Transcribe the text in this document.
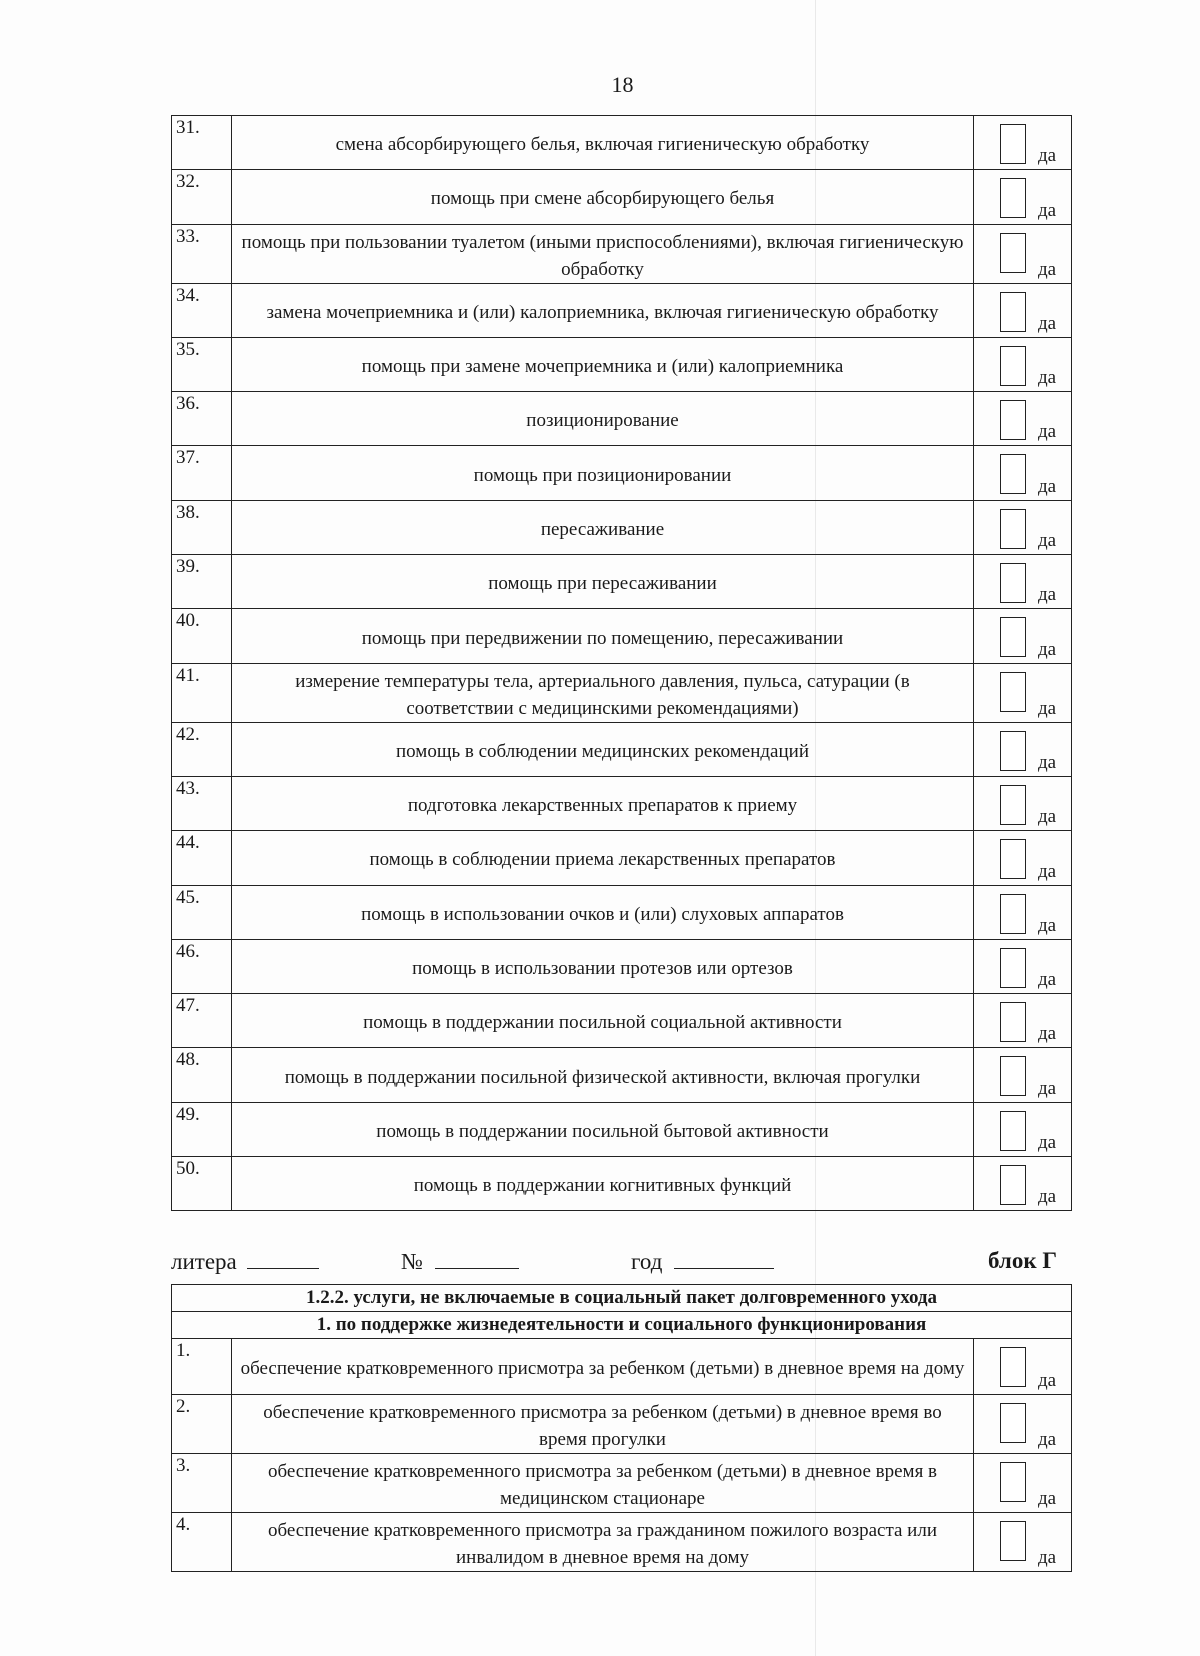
18
31.	смена абсорбирующего белья, включая гигиеническую обработку	да

32.	помощь при смене абсорбирующего белья	да

33.	помощь при пользовании туалетом (иными приспособлениями), включая гигиеническую обработку	да

34.	замена мочеприемника и (или) калоприемника, включая гигиеническую обработку	да

35.	помощь при замене мочеприемника и (или) калоприемника	да

36.	позиционирование	да

37.	помощь при позиционировании	да

38.	пересаживание	да

39.	помощь при пересаживании	да

40.	помощь при передвижении по помещению, пересаживании	да

41.	измерение температуры тела, артериального давления, пульса, сатурации (в соответствии с медицинскими рекомендациями)	да

42.	помощь в соблюдении медицинских рекомендаций	да

43.	подготовка лекарственных препаратов к приему	да

44.	помощь в соблюдении приема лекарственных препаратов	да

45.	помощь в использовании очков и (или) слуховых аппаратов	да

46.	помощь в использовании протезов или ортезов	да

47.	помощь в поддержании посильной социальной активности	да

48.	помощь в поддержании посильной физической активности, включая прогулки	да

49.	помощь в поддержании посильной бытовой активности	да

50.	помощь в поддержании когнитивных функций	да
литера	№	год	блок Г
1.2.2. услуги, не включаемые в социальный пакет долговременного ухода		
1. по поддержке жизнедеятельности и социального функционирования		
1.	обеспечение кратковременного присмотра за ребенком (детьми) в дневное время на дому	да

2.	обеспечение кратковременного присмотра за ребенком (детьми) в дневное время во время прогулки	да

3.	обеспечение кратковременного присмотра за ребенком (детьми) в дневное время в медицинском стационаре	да

4.	обеспечение кратковременного присмотра за гражданином пожилого возраста или инвалидом в дневное время на дому	да
